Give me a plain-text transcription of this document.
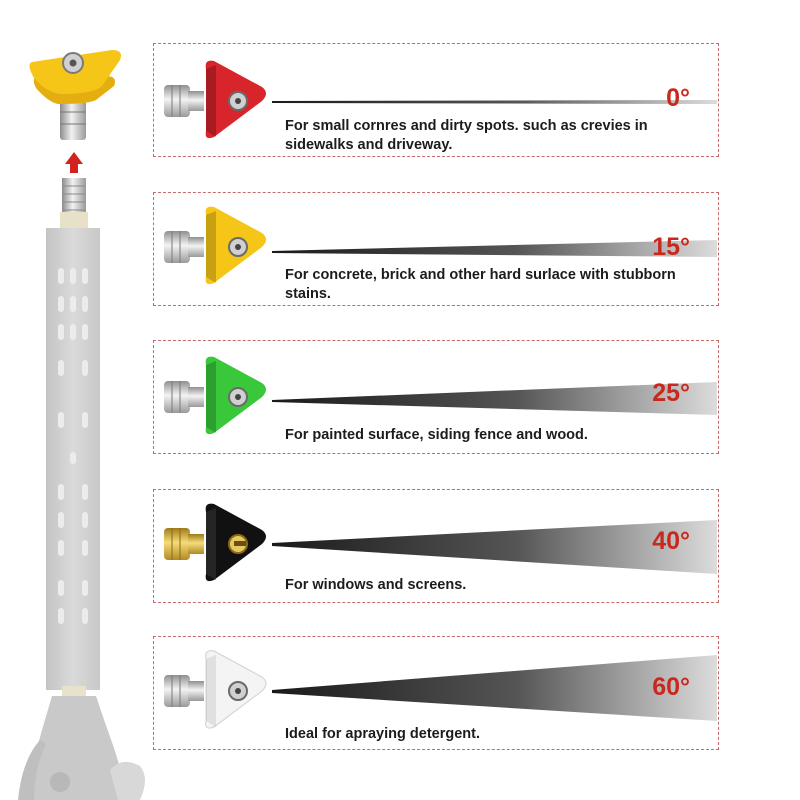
0°
For small cornres and dirty spots. such as crevies in sidewalks and driveway.
15°
For concrete, brick and other hard surlace with stubborn stains.
25°
For painted surface, siding fence and wood.
40°
For windows and screens.
60°
Ideal for apraying detergent.
